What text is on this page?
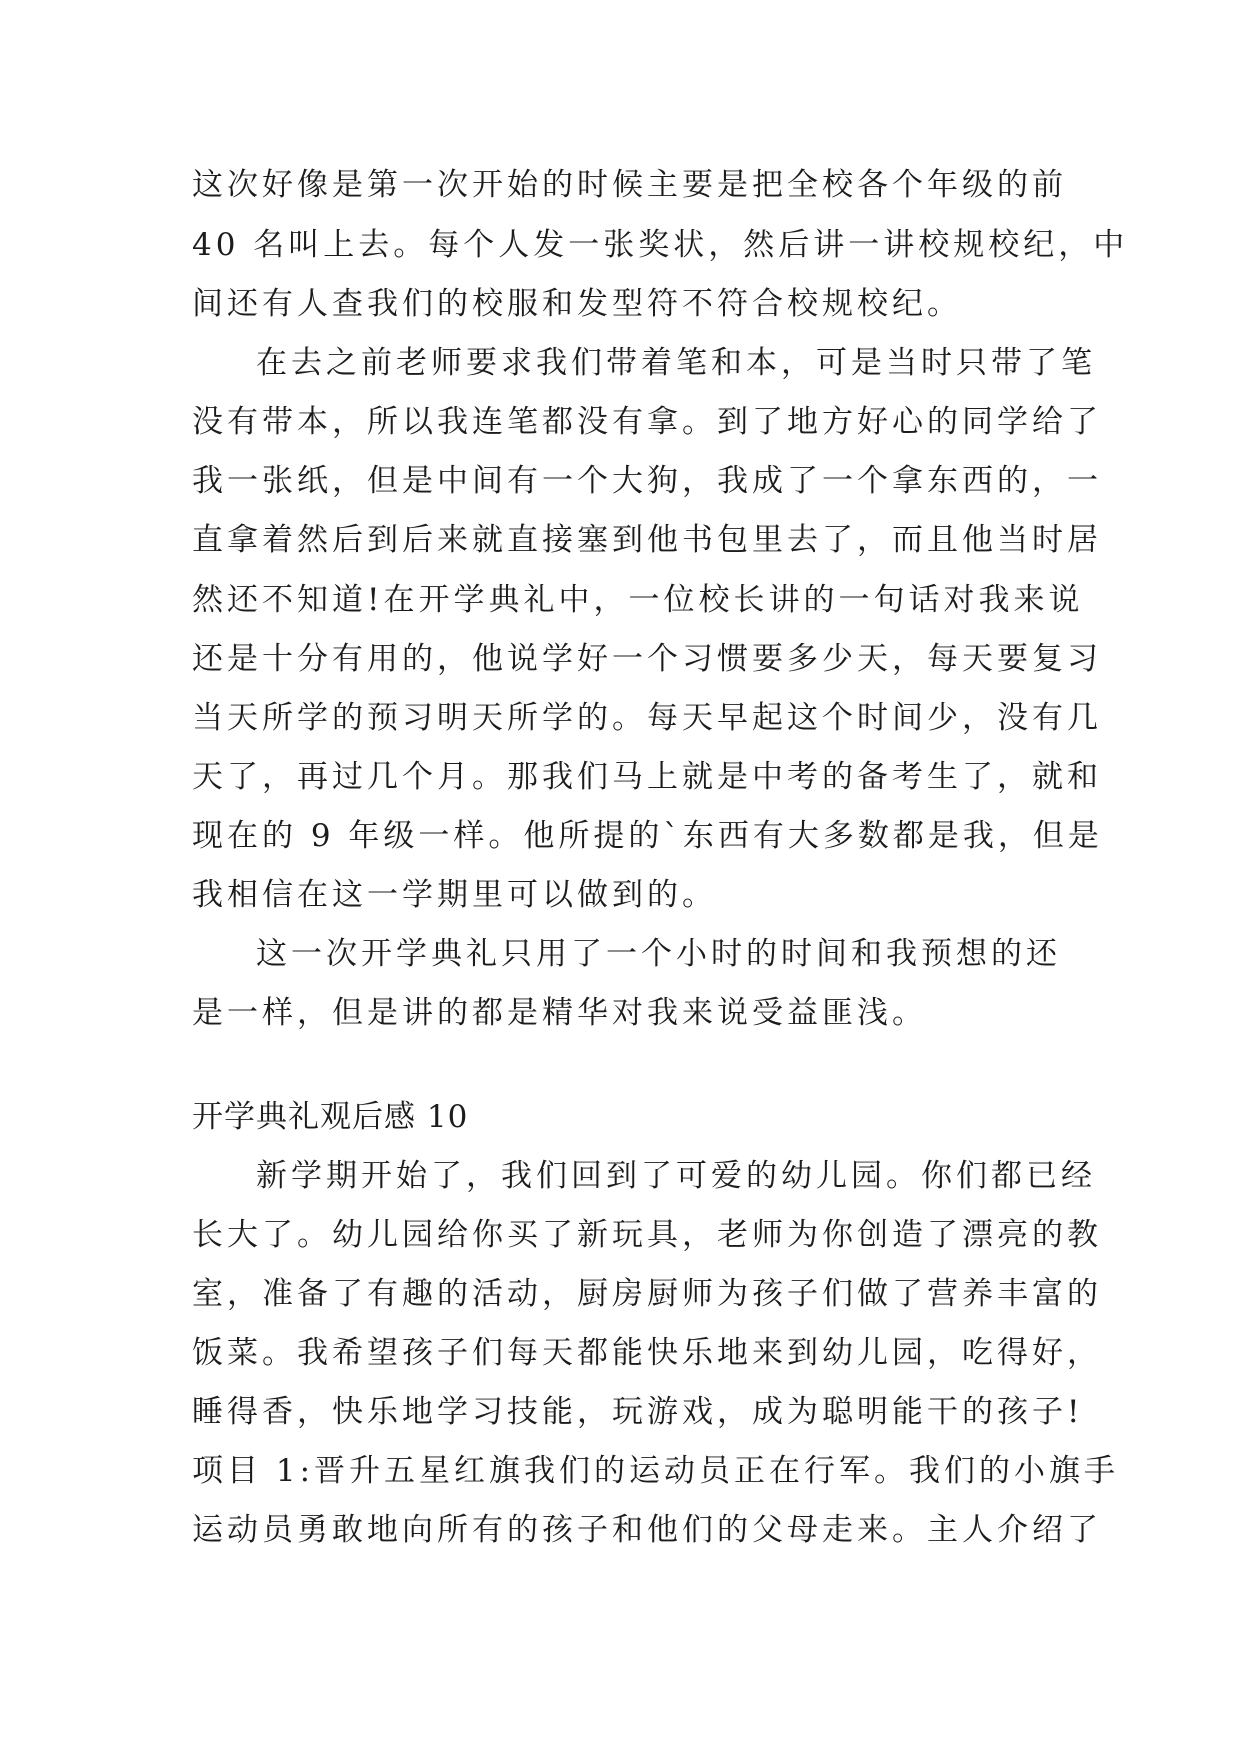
这次好像是第一次开始的时候主要是把全校各个年级的前
40 名叫上去。每个人发一张奖状，然后讲一讲校规校纪，中
间还有人查我们的校服和发型符不符合校规校纪。
在去之前老师要求我们带着笔和本，可是当时只带了笔
没有带本，所以我连笔都没有拿。到了地方好心的同学给了
我一张纸，但是中间有一个大狗，我成了一个拿东西的，一
直拿着然后到后来就直接塞到他书包里去了，而且他当时居
然还不知道!在开学典礼中，一位校长讲的一句话对我来说
还是十分有用的，他说学好一个习惯要多少天，每天要复习
当天所学的预习明天所学的。每天早起这个时间少，没有几
天了，再过几个月。那我们马上就是中考的备考生了，就和
现在的 9 年级一样。他所提的`东西有大多数都是我，但是
我相信在这一学期里可以做到的。
这一次开学典礼只用了一个小时的时间和我预想的还
是一样，但是讲的都是精华对我来说受益匪浅。
开学典礼观后感 10
新学期开始了，我们回到了可爱的幼儿园。你们都已经
长大了。幼儿园给你买了新玩具，老师为你创造了漂亮的教
室，准备了有趣的活动，厨房厨师为孩子们做了营养丰富的
饭菜。我希望孩子们每天都能快乐地来到幼儿园，吃得好，
睡得香，快乐地学习技能，玩游戏，成为聪明能干的孩子!
项目 1:晋升五星红旗我们的运动员正在行军。我们的小旗手
运动员勇敢地向所有的孩子和他们的父母走来。主人介绍了
